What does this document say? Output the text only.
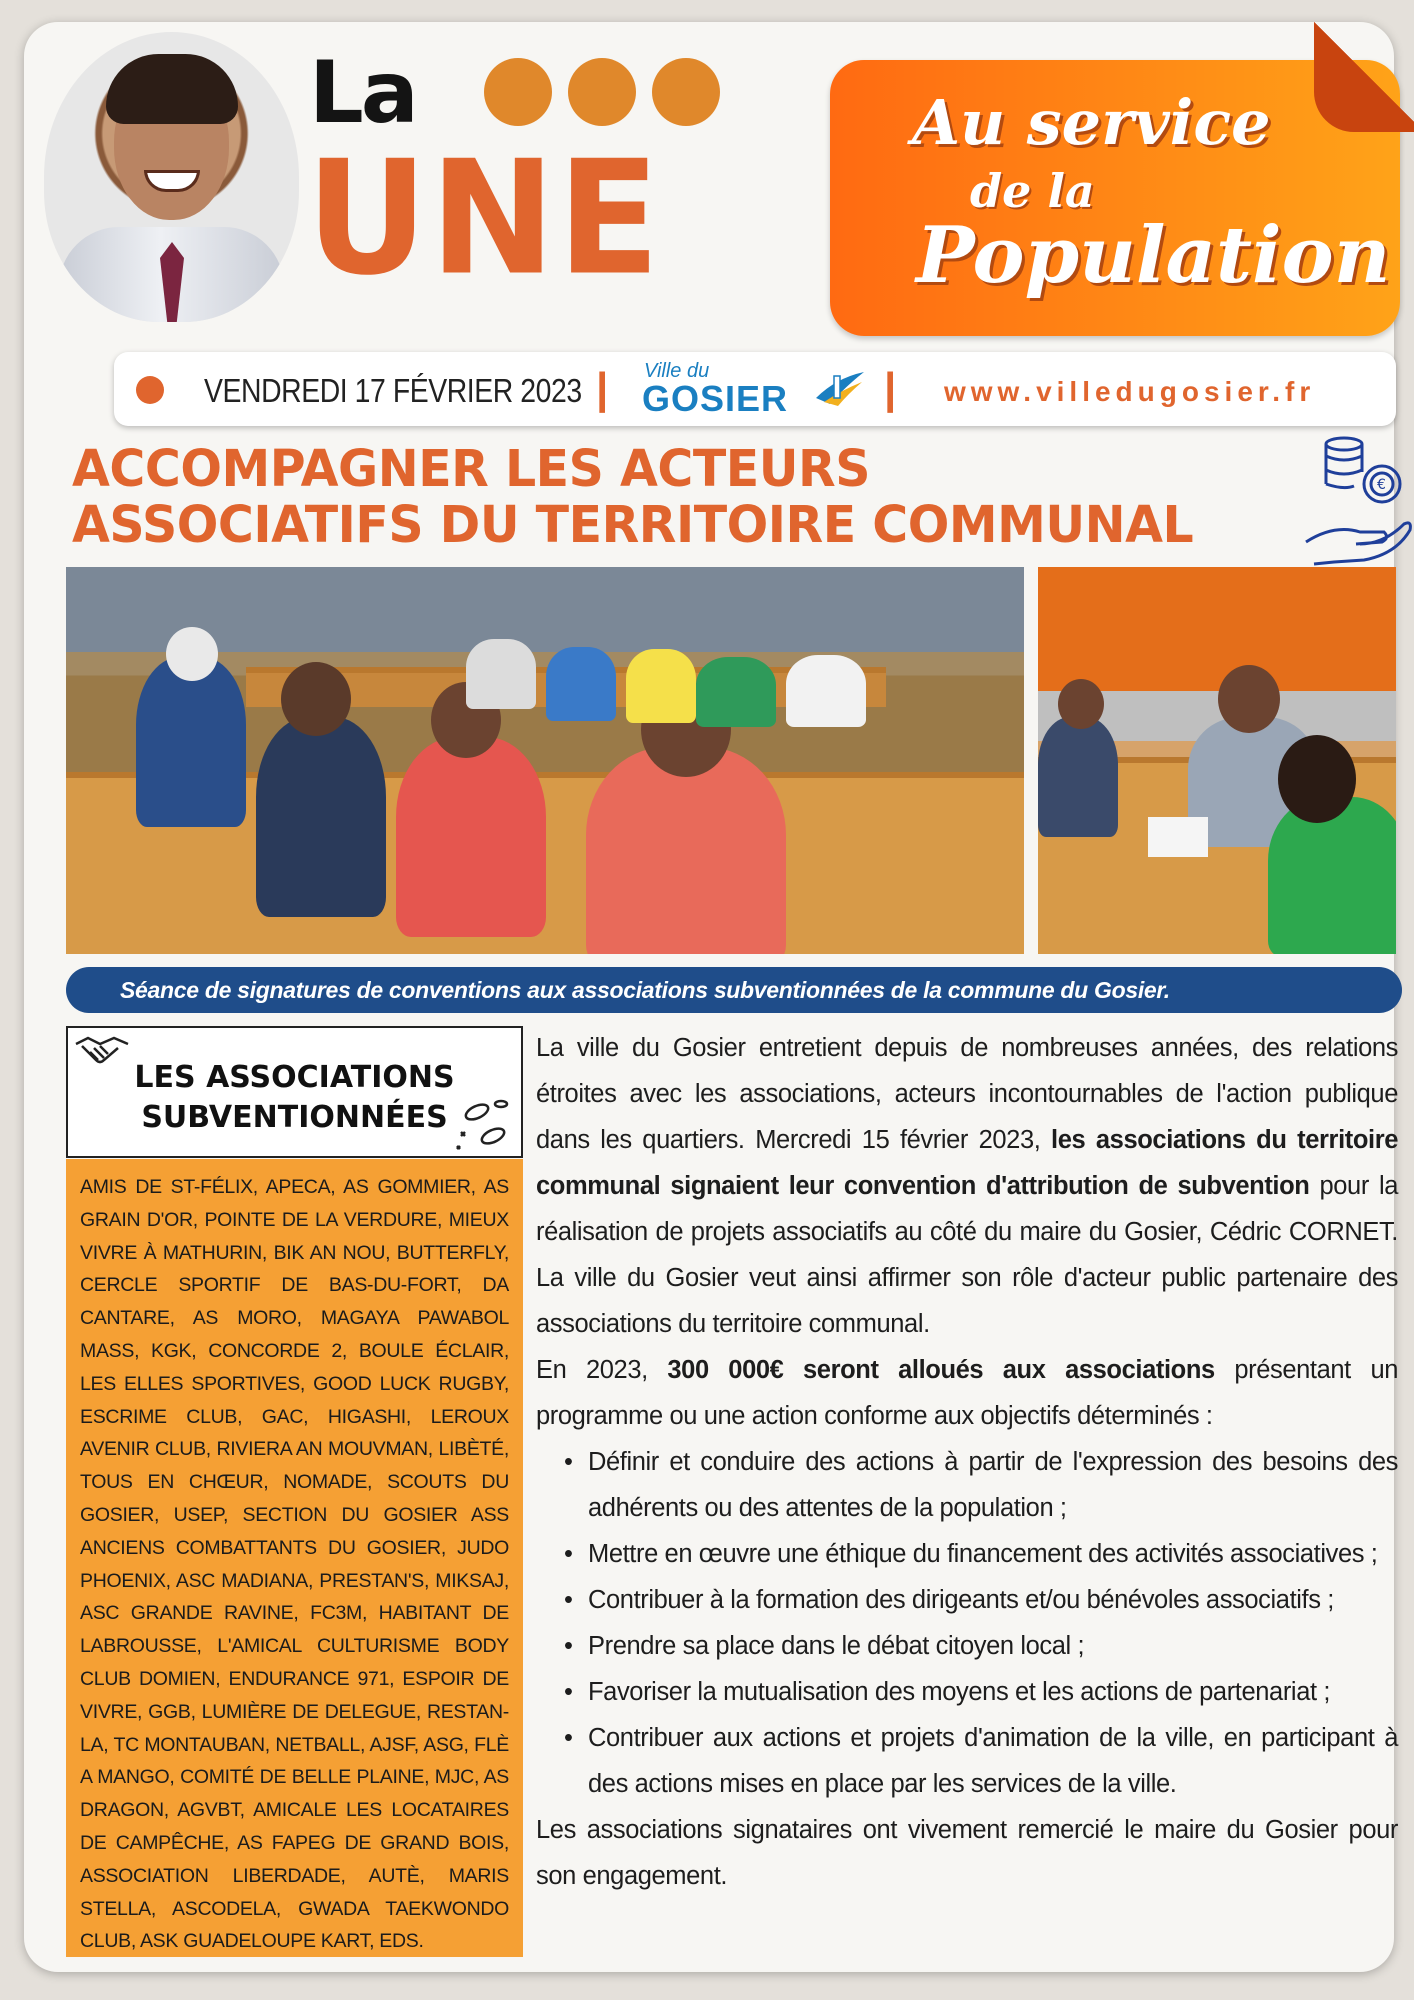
La
UNE
Au service
de la
Population
VENDREDI 17 FÉVRIER 2023 | Ville du
GOSIER | www.villedugosier.fr
ACCOMPAGNER LES ACTEURS
ASSOCIATIFS DU TERRITOIRE COMMUNAL
€
Séance de signatures de conventions aux associations subventionnées de la commune du Gosier.
LES ASSOCIATIONS
SUBVENTIONNÉES
AMIS DE ST-FÉLIX, APECA, AS GOMMIER, AS GRAIN D'OR, POINTE DE LA VERDURE, MIEUX VIVRE À MATHURIN, BIK AN NOU, BUTTERFLY, CERCLE SPORTIF DE BAS-DU-FORT, DA CANTARE, AS MORO, MAGAYA PAWABOL MASS, KGK, CONCORDE 2, BOULE ÉCLAIR, LES ELLES SPORTIVES, GOOD LUCK RUGBY, ESCRIME CLUB, GAC, HIGASHI, LEROUX AVENIR CLUB, RIVIERA AN MOUVMAN, LIBÈTÉ, TOUS EN CHŒUR, NOMADE, SCOUTS DU GOSIER, USEP, SECTION DU GOSIER ASS ANCIENS COMBATTANTS DU GOSIER, JUDO PHOENIX, ASC MADIANA, PRESTAN'S, MIKSAJ, ASC GRANDE RAVINE, FC3M, HABITANT DE LABROUSSE, L'AMICAL CULTURISME BODY CLUB DOMIEN, ENDURANCE 971, ESPOIR DE VIVRE, GGB, LUMIÈRE DE DELEGUE, RESTAN-LA, TC MONTAUBAN, NETBALL, AJSF, ASG, FLÈ A MANGO, COMITÉ DE BELLE PLAINE, MJC, AS DRAGON, AGVBT, AMICALE LES LOCATAIRES DE CAMPÊCHE, AS FAPEG DE GRAND BOIS, ASSOCIATION LIBERDADE, AUTÈ, MARIS STELLA, ASCODELA, GWADA TAEKWONDO CLUB, ASK GUADELOUPE KART, EDS.

La ville du Gosier entretient depuis de nombreuses années, des relations étroites avec les associations, acteurs incontournables de l'action publique dans les quartiers. Mercredi 15 février 2023, les associations du territoire communal signaient leur convention d'attribution de subvention pour la réalisation de projets associatifs au côté du maire du Gosier, Cédric CORNET. La ville du Gosier veut ainsi affirmer son rôle d'acteur public partenaire des associations du territoire communal.

En 2023, 300 000€ seront alloués aux associations présentant un programme ou une action conforme aux objectifs déterminés :

• Définir et conduire des actions à partir de l'expression des besoins des adhérents ou des attentes de la population ;
• Mettre en œuvre une éthique du financement des activités associatives ;
• Contribuer à la formation des dirigeants et/ou bénévoles associatifs ;
• Prendre sa place dans le débat citoyen local ;
• Favoriser la mutualisation des moyens et les actions de partenariat ;
• Contribuer aux actions et projets d'animation de la ville, en participant à des actions mises en place par les services de la ville.

Les associations signataires ont vivement remercié le maire du Gosier pour son engagement.
